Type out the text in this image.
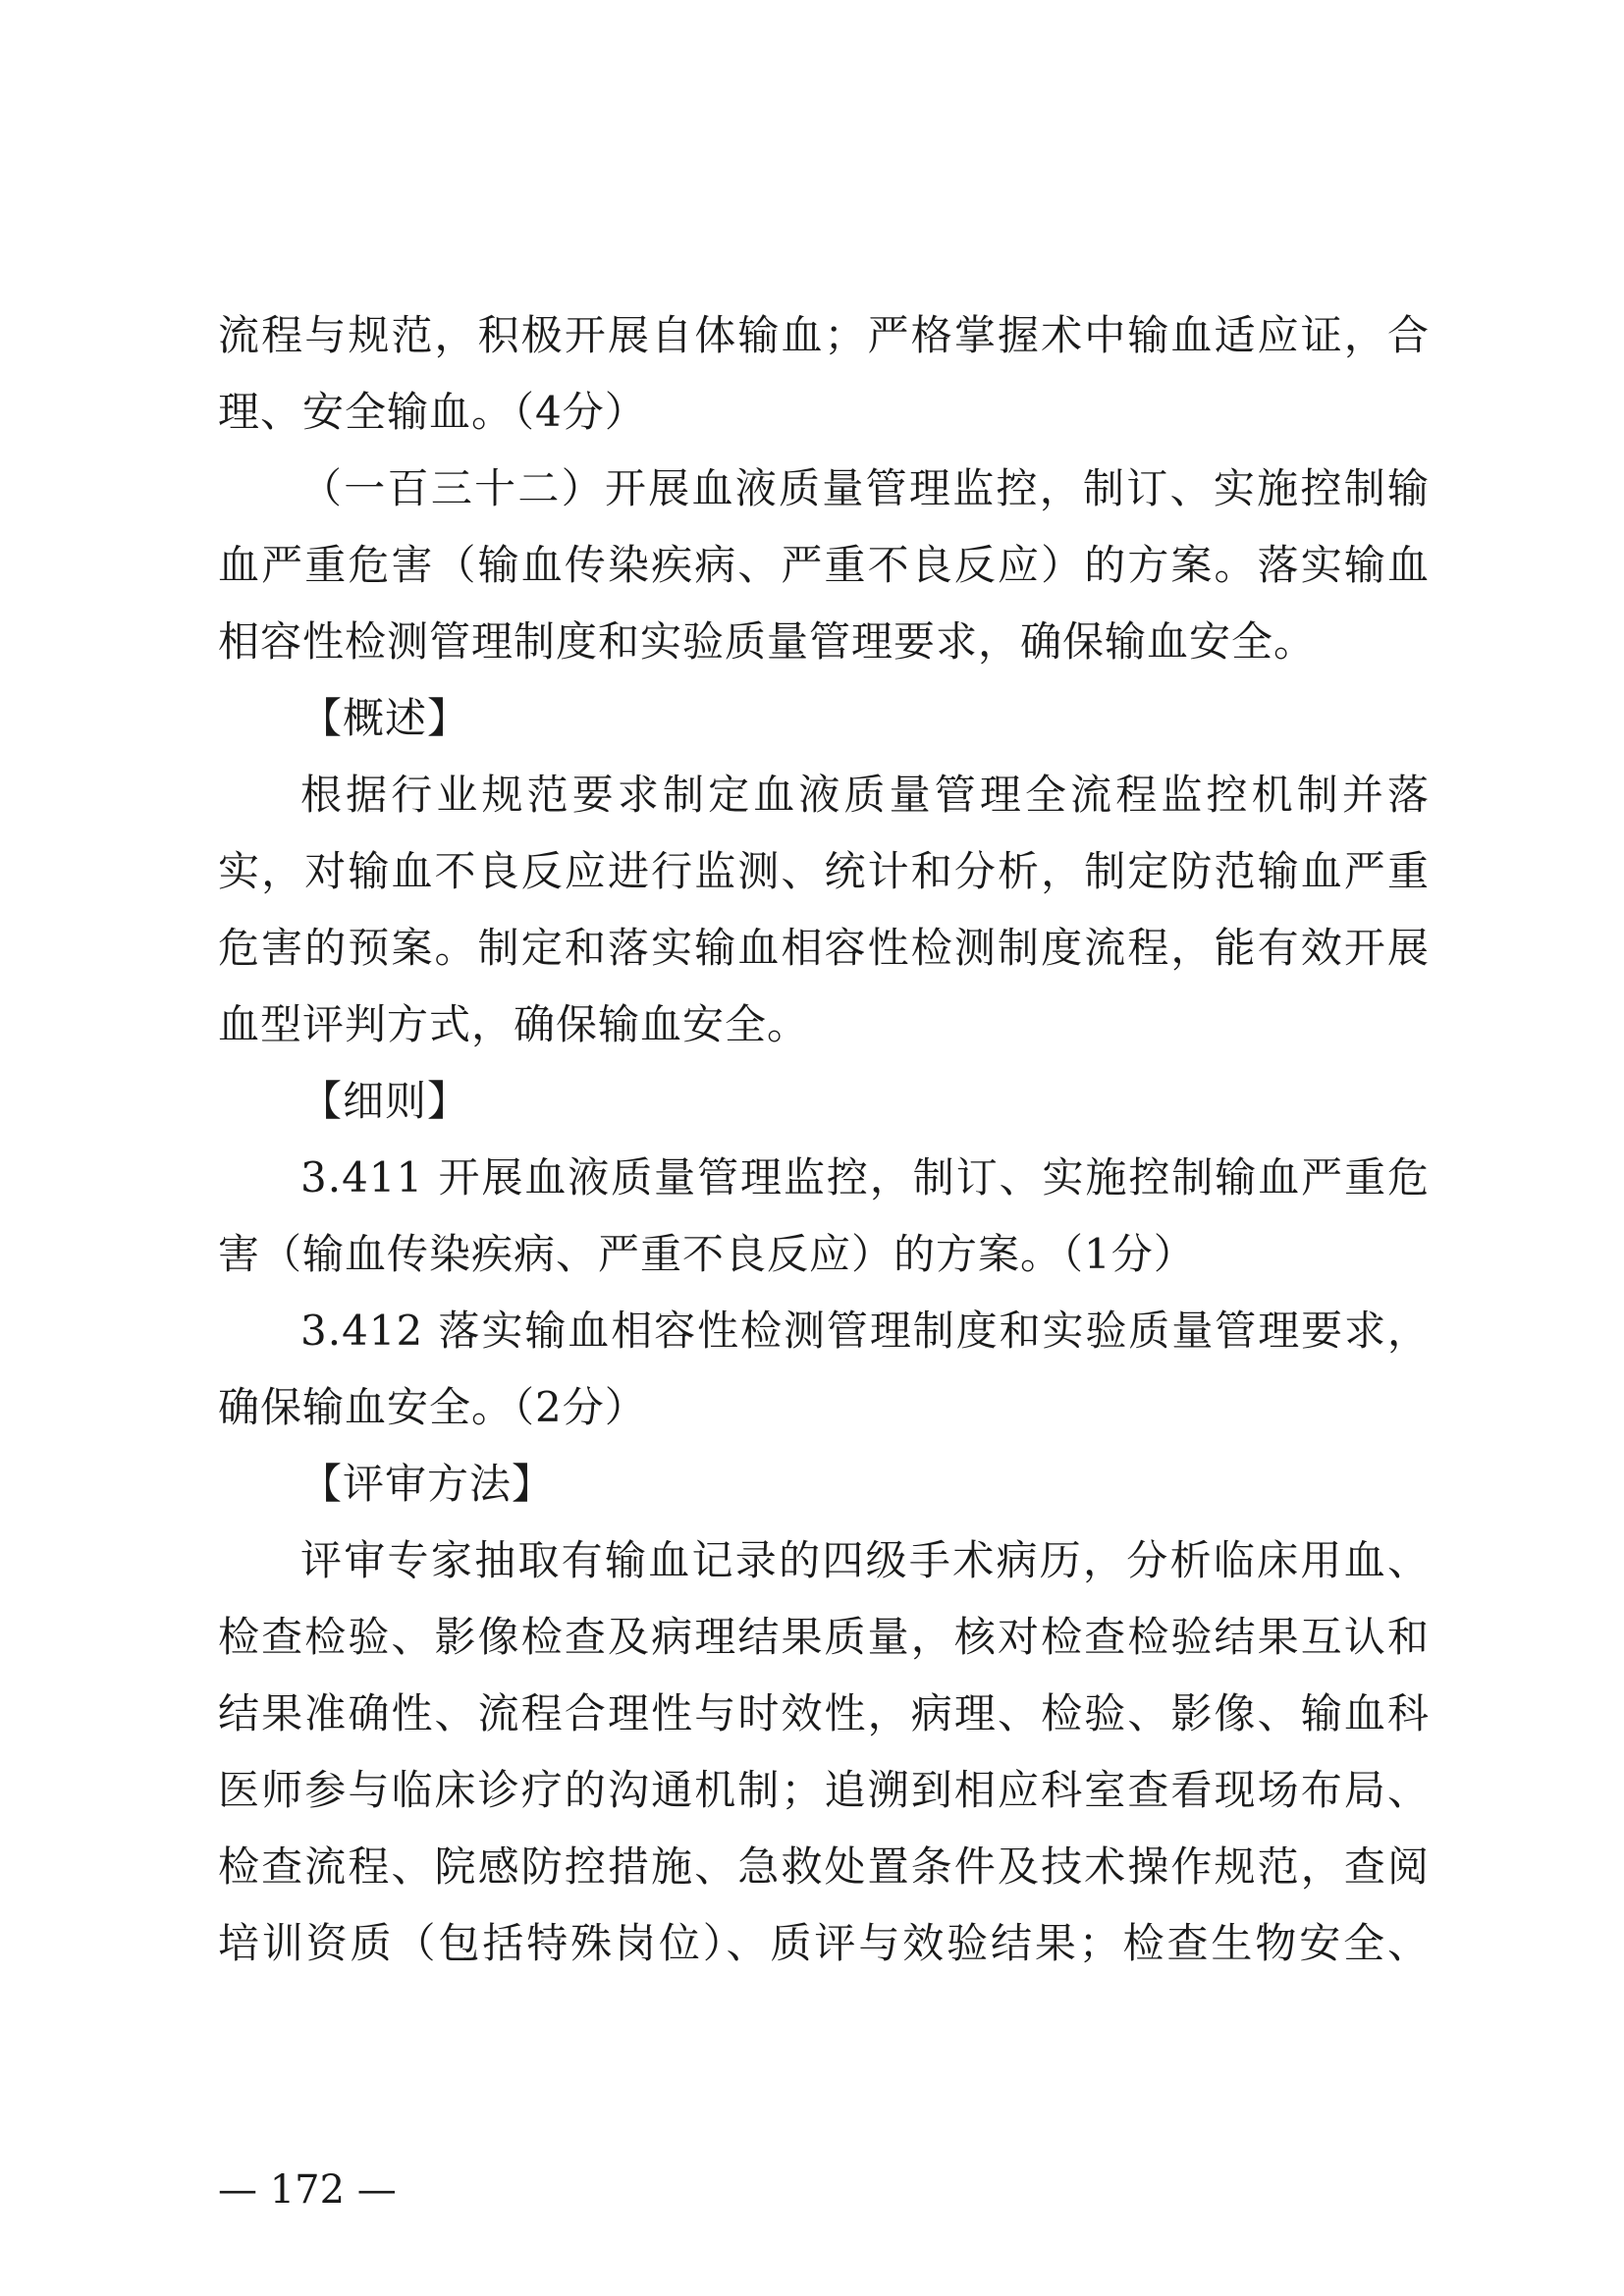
流程与规范，积极开展自体输血；严格掌握术中输血适应证，合
理、安全输血。（4分）
（一百三十二）开展血液质量管理监控，制订、实施控制输
血严重危害（输血传染疾病、严重不良反应）的方案。落实输血
相容性检测管理制度和实验质量管理要求，确保输血安全。
【概述】
根据行业规范要求制定血液质量管理全流程监控机制并落
实，对输血不良反应进行监测、统计和分析，制定防范输血严重
危害的预案。制定和落实输血相容性检测制度流程，能有效开展
血型评判方式，确保输血安全。
【细则】
3.411 开展血液质量管理监控，制订、实施控制输血严重危
害（输血传染疾病、严重不良反应）的方案。（1分）
3.412 落实输血相容性检测管理制度和实验质量管理要求，
确保输血安全。（2分）
【评审方法】
评审专家抽取有输血记录的四级手术病历，分析临床用血、
检查检验、影像检查及病理结果质量，核对检查检验结果互认和
结果准确性、流程合理性与时效性，病理、检验、影像、输血科
医师参与临床诊疗的沟通机制；追溯到相应科室查看现场布局、
检查流程、院感防控措施、急救处置条件及技术操作规范，查阅
培训资质（包括特殊岗位）、质评与效验结果；检查生物安全、
— 172 —
